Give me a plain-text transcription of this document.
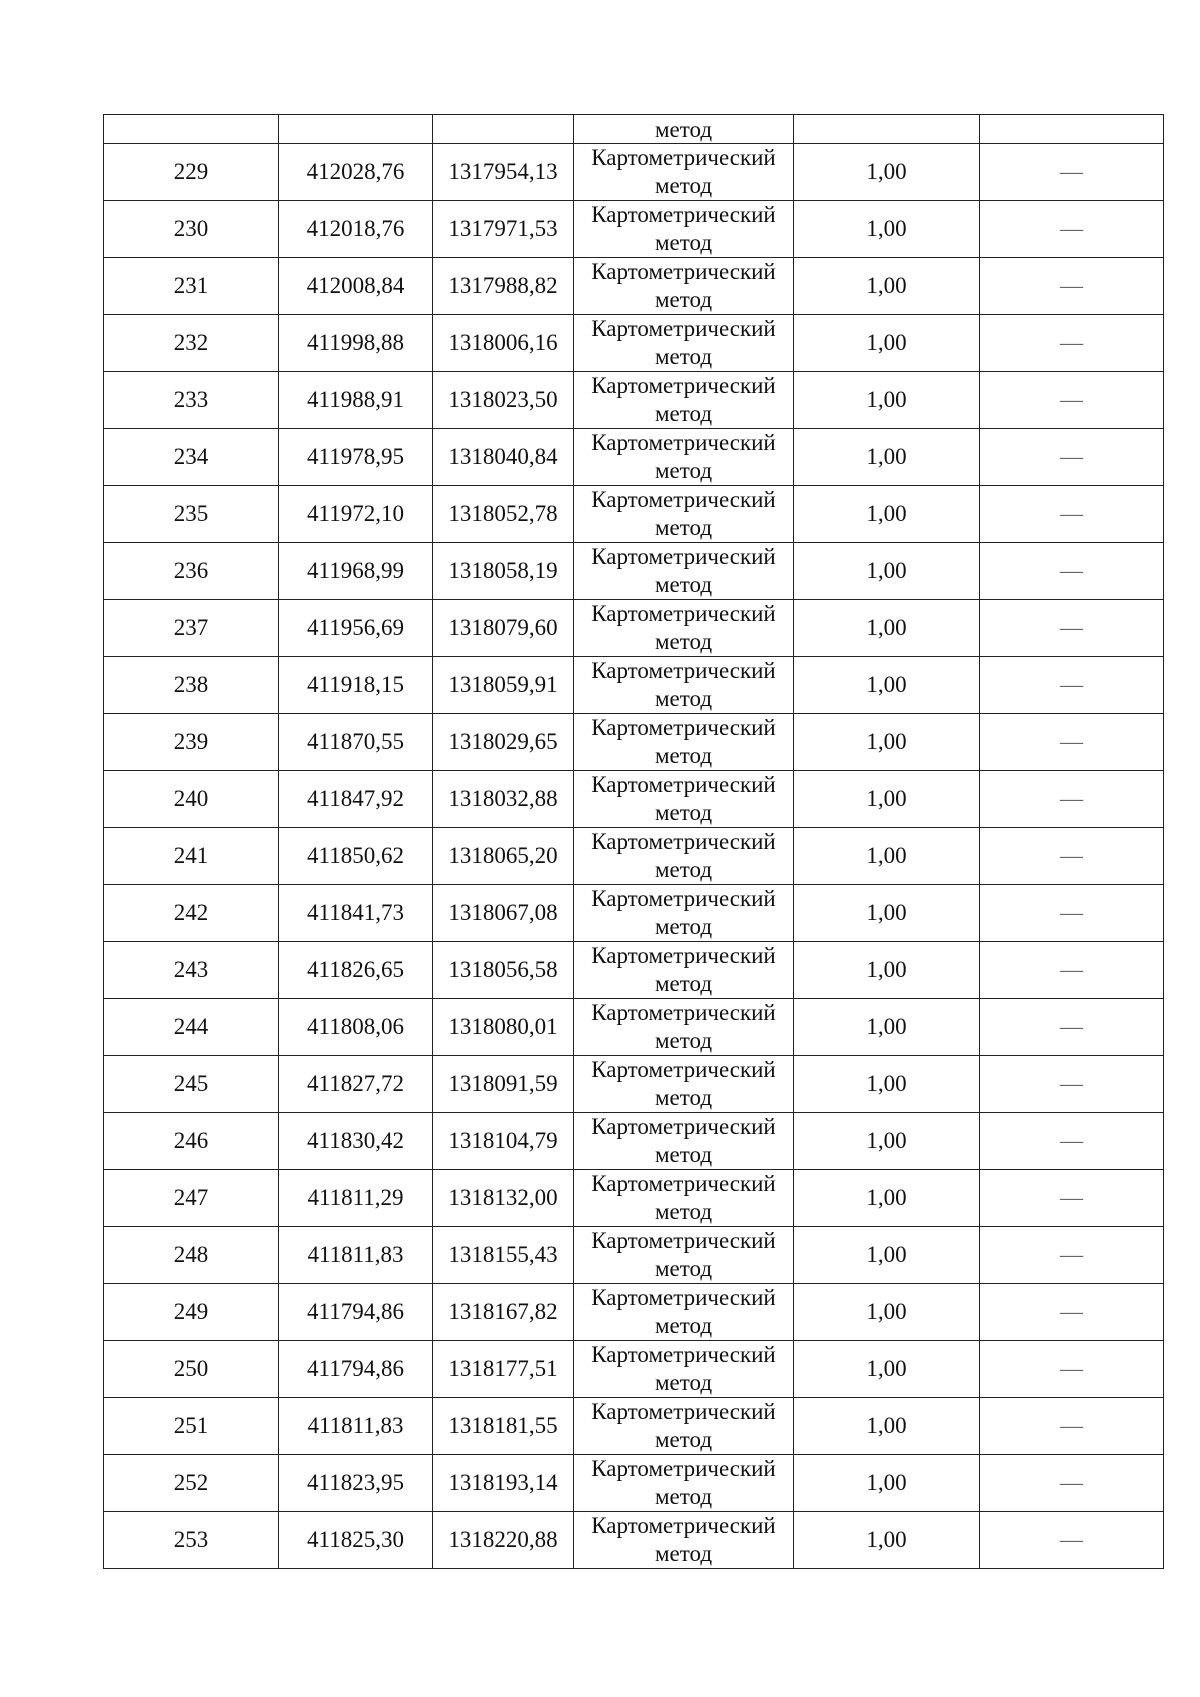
			метод		
229	412028,76	1317954,13	Картометрический
метод	1,00	—
230	412018,76	1317971,53	Картометрический
метод	1,00	—
231	412008,84	1317988,82	Картометрический
метод	1,00	—
232	411998,88	1318006,16	Картометрический
метод	1,00	—
233	411988,91	1318023,50	Картометрический
метод	1,00	—
234	411978,95	1318040,84	Картометрический
метод	1,00	—
235	411972,10	1318052,78	Картометрический
метод	1,00	—
236	411968,99	1318058,19	Картометрический
метод	1,00	—
237	411956,69	1318079,60	Картометрический
метод	1,00	—
238	411918,15	1318059,91	Картометрический
метод	1,00	—
239	411870,55	1318029,65	Картометрический
метод	1,00	—
240	411847,92	1318032,88	Картометрический
метод	1,00	—
241	411850,62	1318065,20	Картометрический
метод	1,00	—
242	411841,73	1318067,08	Картометрический
метод	1,00	—
243	411826,65	1318056,58	Картометрический
метод	1,00	—
244	411808,06	1318080,01	Картометрический
метод	1,00	—
245	411827,72	1318091,59	Картометрический
метод	1,00	—
246	411830,42	1318104,79	Картометрический
метод	1,00	—
247	411811,29	1318132,00	Картометрический
метод	1,00	—
248	411811,83	1318155,43	Картометрический
метод	1,00	—
249	411794,86	1318167,82	Картометрический
метод	1,00	—
250	411794,86	1318177,51	Картометрический
метод	1,00	—
251	411811,83	1318181,55	Картометрический
метод	1,00	—
252	411823,95	1318193,14	Картометрический
метод	1,00	—
253	411825,30	1318220,88	Картометрический
метод	1,00	—
